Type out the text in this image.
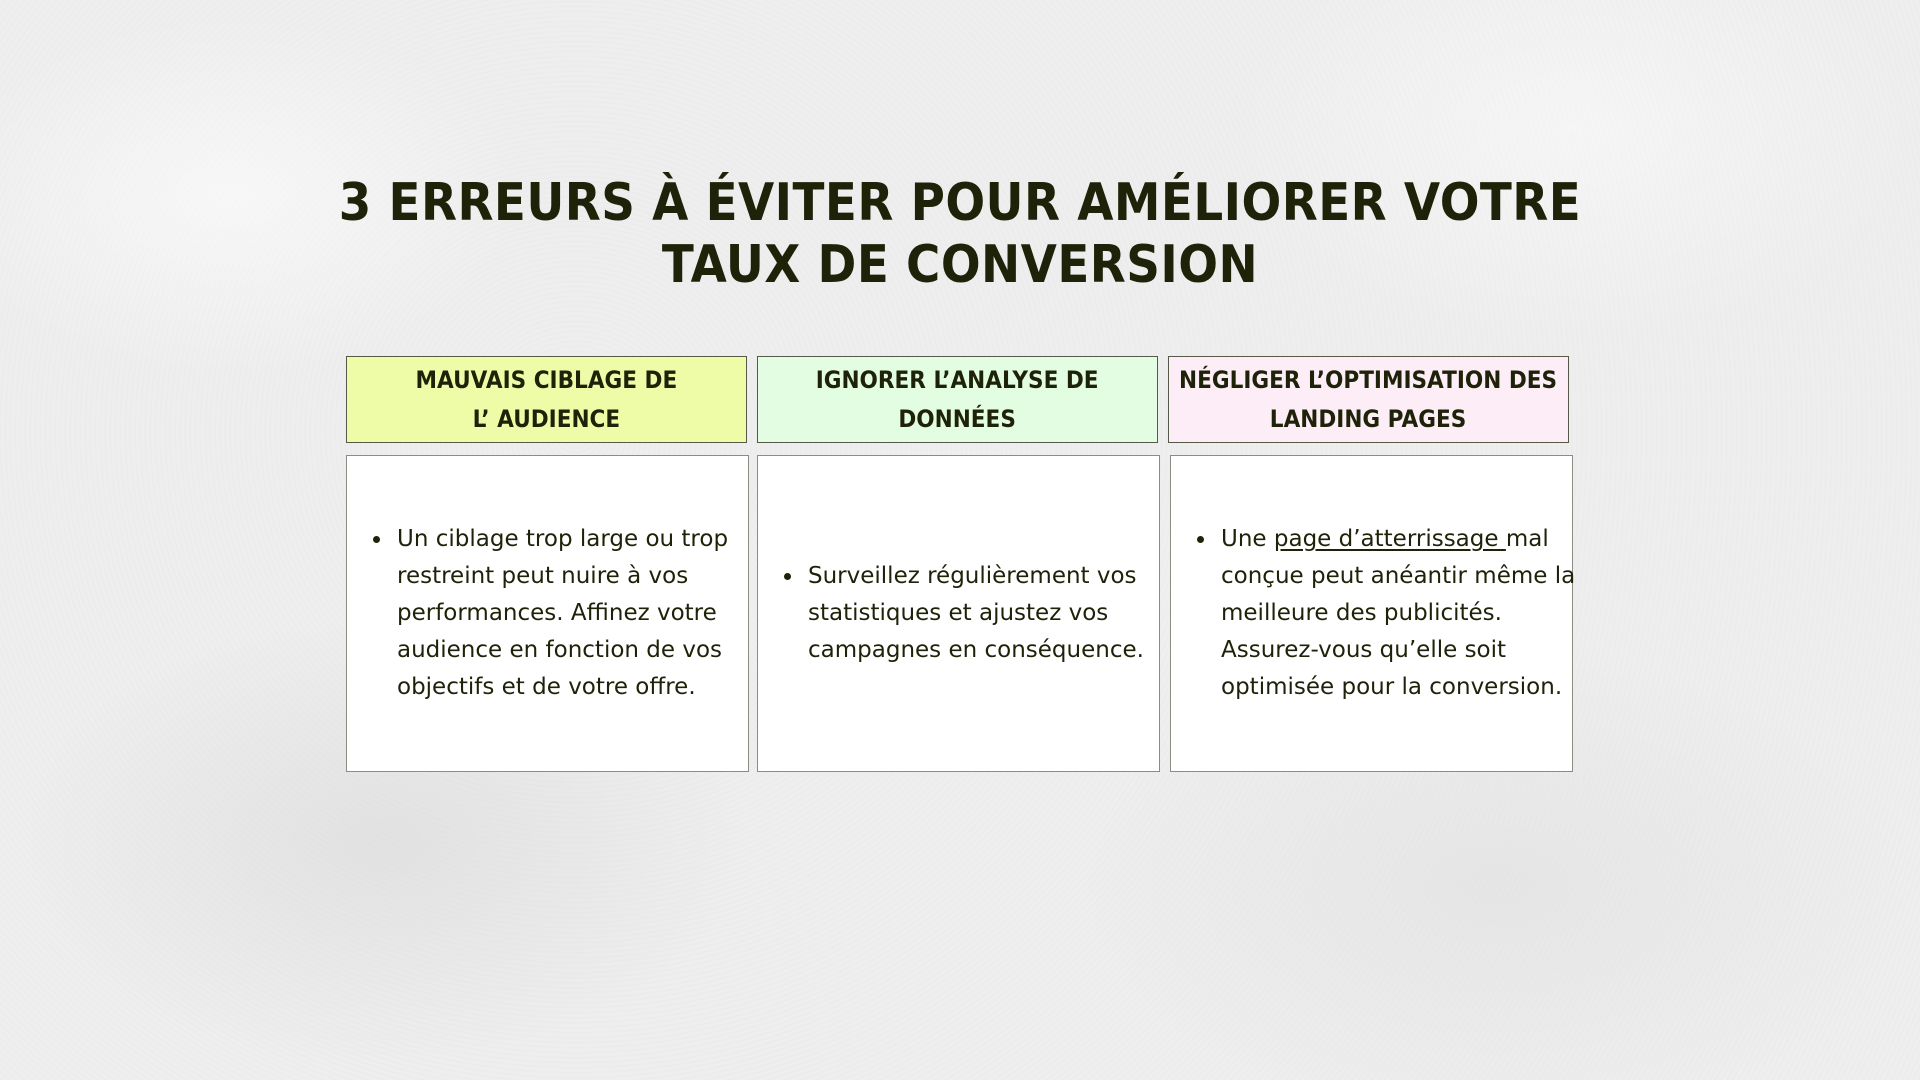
3 ERREURS À ÉVITER POUR AMÉLIORER VOTRE
TAUX DE CONVERSION
MAUVAIS CIBLAGE DE
L’ AUDIENCE
Un ciblage trop large ou trop
restreint peut nuire à vos
performances. Affinez votre
audience en fonction de vos
objectifs et de votre offre.
IGNORER L’ANALYSE DE
DONNÉES
Surveillez régulièrement vos
statistiques et ajustez vos
campagnes en conséquence.
NÉGLIGER L’OPTIMISATION DES
LANDING PAGES
Une page d’atterrissage mal
conçue peut anéantir même la
meilleure des publicités.
Assurez-vous qu’elle soit
optimisée pour la conversion.
